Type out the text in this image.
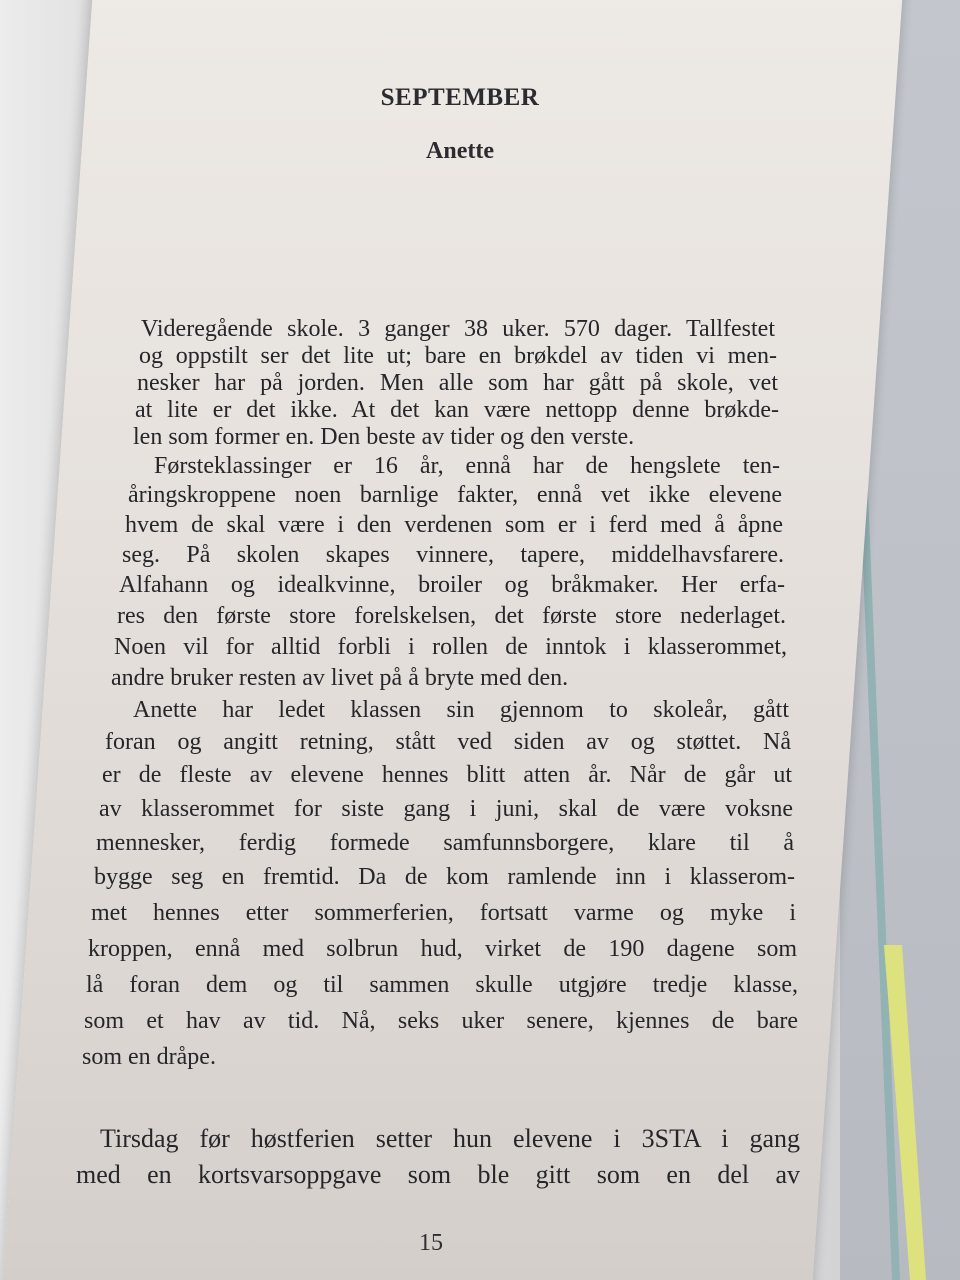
SEPTEMBER
Anette
Videregående skole. 3 ganger 38 uker. 570 dager. Tallfestet
og oppstilt ser det lite ut; bare en brøkdel av tiden vi men-
nesker har på jorden. Men alle som har gått på skole, vet
at lite er det ikke. At det kan være nettopp denne brøkde-
len som former en. Den beste av tider og den verste.
Førsteklassinger er 16 år, ennå har de hengslete ten-
åringskroppene noen barnlige fakter, ennå vet ikke elevene
hvem de skal være i den verdenen som er i ferd med å åpne
seg. På skolen skapes vinnere, tapere, middelhavsfarere.
Alfahann og idealkvinne, broiler og bråkmaker. Her erfa-
res den første store forelskelsen, det første store nederlaget.
Noen vil for alltid forbli i rollen de inntok i klasserommet,
andre bruker resten av livet på å bryte med den.
Anette har ledet klassen sin gjennom to skoleår, gått
foran og angitt retning, stått ved siden av og støttet. Nå
er de fleste av elevene hennes blitt atten år. Når de går ut
av klasserommet for siste gang i juni, skal de være voksne
mennesker, ferdig formede samfunnsborgere, klare til å
bygge seg en fremtid. Da de kom ramlende inn i klasserom-
met hennes etter sommerferien, fortsatt varme og myke i
kroppen, ennå med solbrun hud, virket de 190 dagene som
lå foran dem og til sammen skulle utgjøre tredje klasse,
som et hav av tid. Nå, seks uker senere, kjennes de bare
som en dråpe.
Tirsdag før høstferien setter hun elevene i 3STA i gang
med en kortsvarsoppgave som ble gitt som en del av
15
